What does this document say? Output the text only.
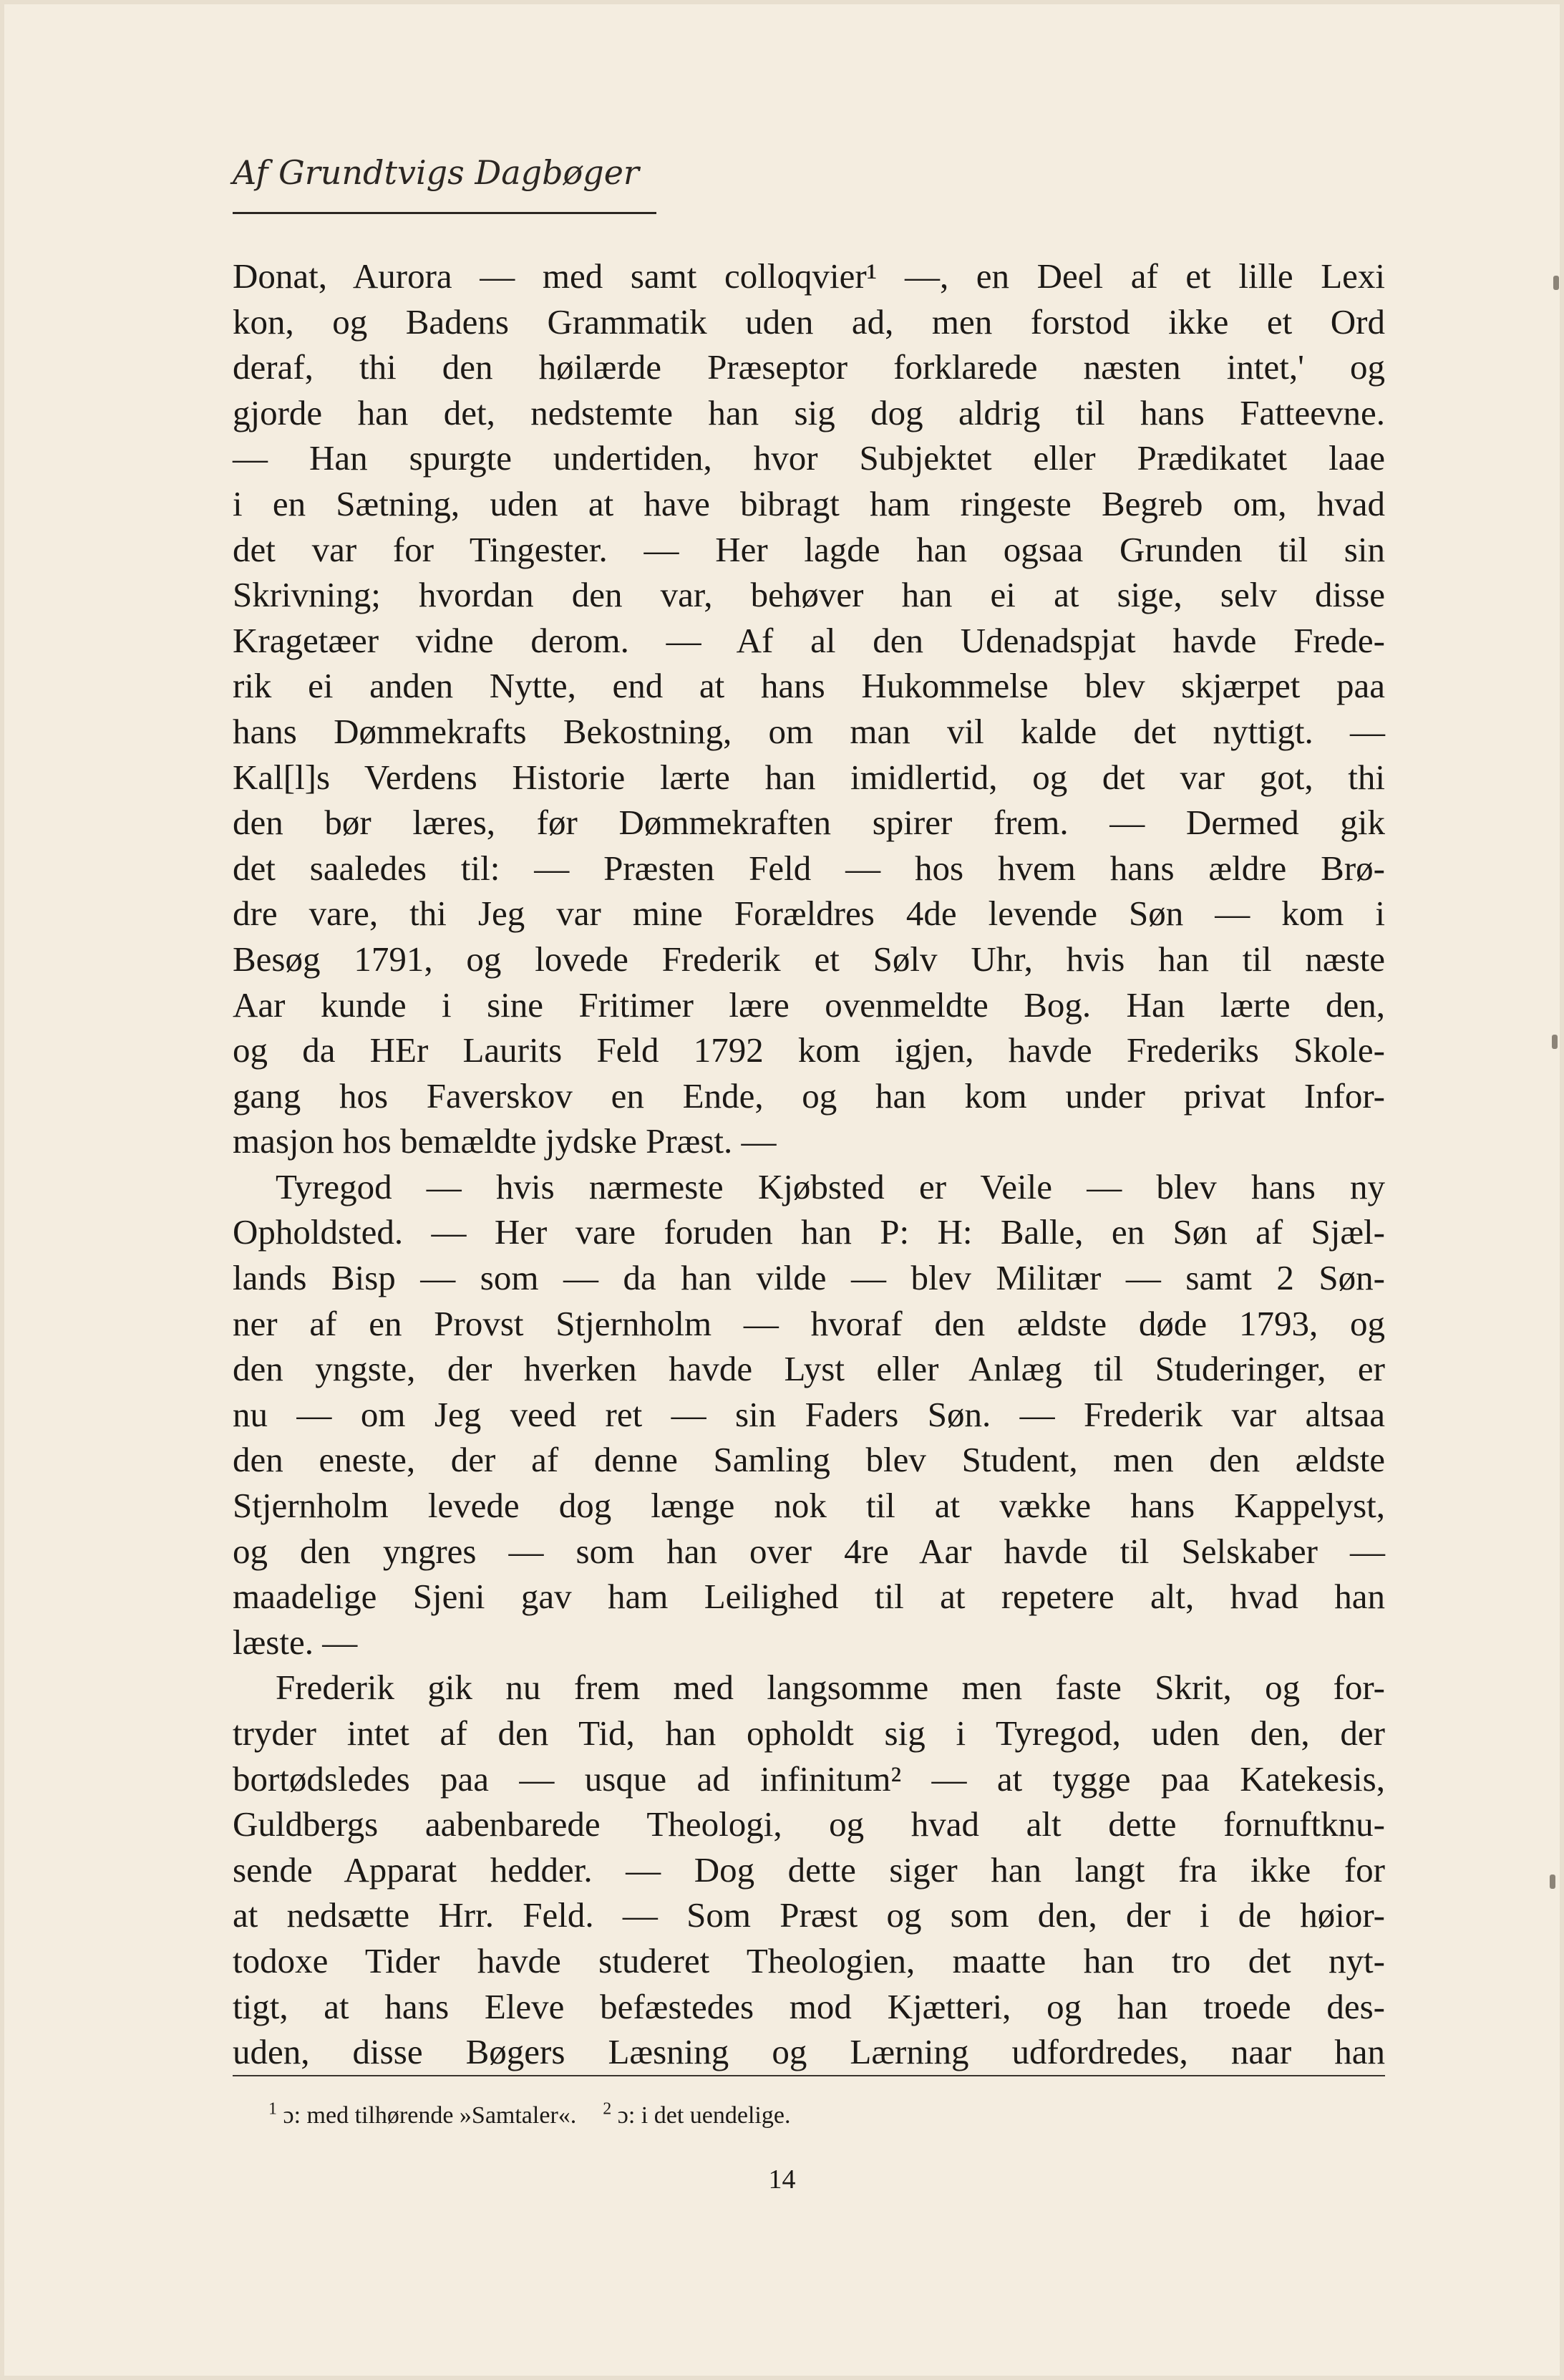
Af Grundtvigs Dagbøger
Donat, Aurora — med samt colloqvier¹ —, en Deel af et lille Lexi
kon, og Badens Grammatik uden ad, men forstod ikke et Ord
deraf, thi den høilærde Præseptor forklarede næsten intet,' og
gjorde han det, nedstemte han sig dog aldrig til hans Fatteevne.
— Han spurgte undertiden, hvor Subjektet eller Prædikatet laae
i en Sætning, uden at have bibragt ham ringeste Begreb om, hvad
det var for Tingester. — Her lagde han ogsaa Grunden til sin
Skrivning; hvordan den var, behøver han ei at sige, selv disse
Kragetæer vidne derom. — Af al den Udenadspjat havde Frede-
rik ei anden Nytte, end at hans Hukommelse blev skjærpet paa
hans Dømmekrafts Bekostning, om man vil kalde det nyttigt. —
Kal[l]s Verdens Historie lærte han imidlertid, og det var got, thi
den bør læres, før Dømmekraften spirer frem. — Dermed gik
det saaledes til: — Præsten Feld — hos hvem hans ældre Brø-
dre vare, thi Jeg var mine Forældres 4de levende Søn — kom i
Besøg 1791, og lovede Frederik et Sølv Uhr, hvis han til næste
Aar kunde i sine Fritimer lære ovenmeldte Bog. Han lærte den,
og da HEr Laurits Feld 1792 kom igjen, havde Frederiks Skole-
gang hos Faverskov en Ende, og han kom under privat Infor-
masjon hos bemældte jydske Præst. —
Tyregod — hvis nærmeste Kjøbsted er Veile — blev hans ny
Opholdsted. — Her vare foruden han P: H: Balle, en Søn af Sjæl-
lands Bisp — som — da han vilde — blev Militær — samt 2 Søn-
ner af en Provst Stjernholm — hvoraf den ældste døde 1793, og
den yngste, der hverken havde Lyst eller Anlæg til Studeringer, er
nu — om Jeg veed ret — sin Faders Søn. — Frederik var altsaa
den eneste, der af denne Samling blev Student, men den ældste
Stjernholm levede dog længe nok til at vække hans Kappelyst,
og den yngres — som han over 4re Aar havde til Selskaber —
maadelige Sjeni gav ham Leilighed til at repetere alt, hvad han
læste. —
Frederik gik nu frem med langsomme men faste Skrit, og for-
tryder intet af den Tid, han opholdt sig i Tyregod, uden den, der
bortødsledes paa — usque ad infinitum² — at tygge paa Katekesis,
Guldbergs aabenbarede Theologi, og hvad alt dette fornuftknu-
sende Apparat hedder. — Dog dette siger han langt fra ikke for
at nedsætte Hrr. Feld. — Som Præst og som den, der i de høior-
todoxe Tider havde studeret Theologien, maatte han tro det nyt-
tigt, at hans Eleve befæstedes mod Kjætteri, og han troede des-
uden, disse Bøgers Læsning og Lærning udfordredes, naar han
$^1$ ɔ: med tilhørende »Samtaler«. $^2$ ɔ: i det uendelige.
14
